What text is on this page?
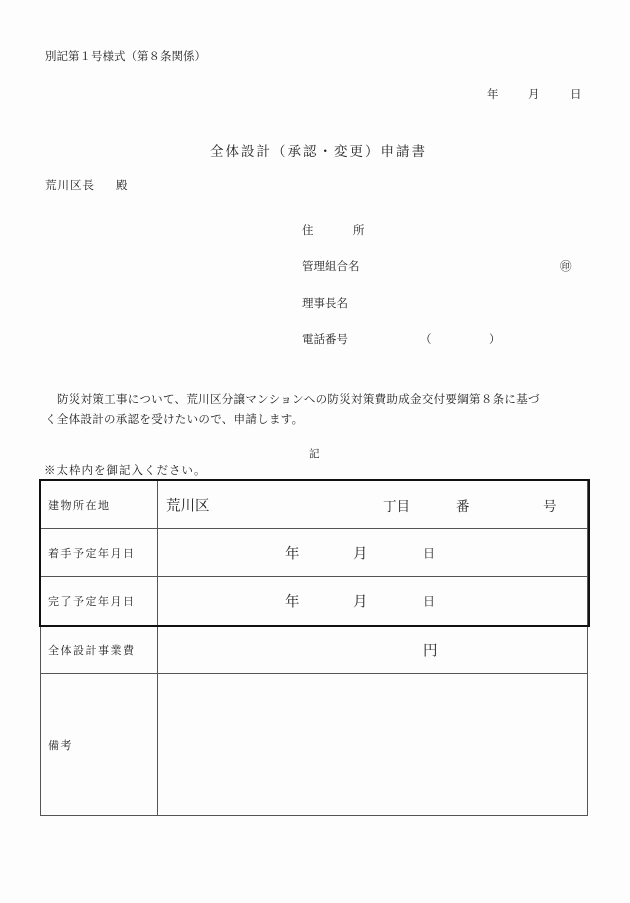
別記第１号様式（第８条関係）
年	月	日
全体設計（承認・変更）申請書
荒川区長 殿
住	所
管理組合名	㊞
理事長名
電話番号	（	）
防災対策工事について、荒川区分譲マンションへの防災対策費助成金交付要綱第８条に基づ
く全体設計の承認を受けたいので、申請します。
記
※太枠内を御記入ください。
建物所在地	荒川区 丁目 番 号

着手予定年月日	年 月 日

完了予定年月日	年 月 日

全体設計事業費	円

備考	
